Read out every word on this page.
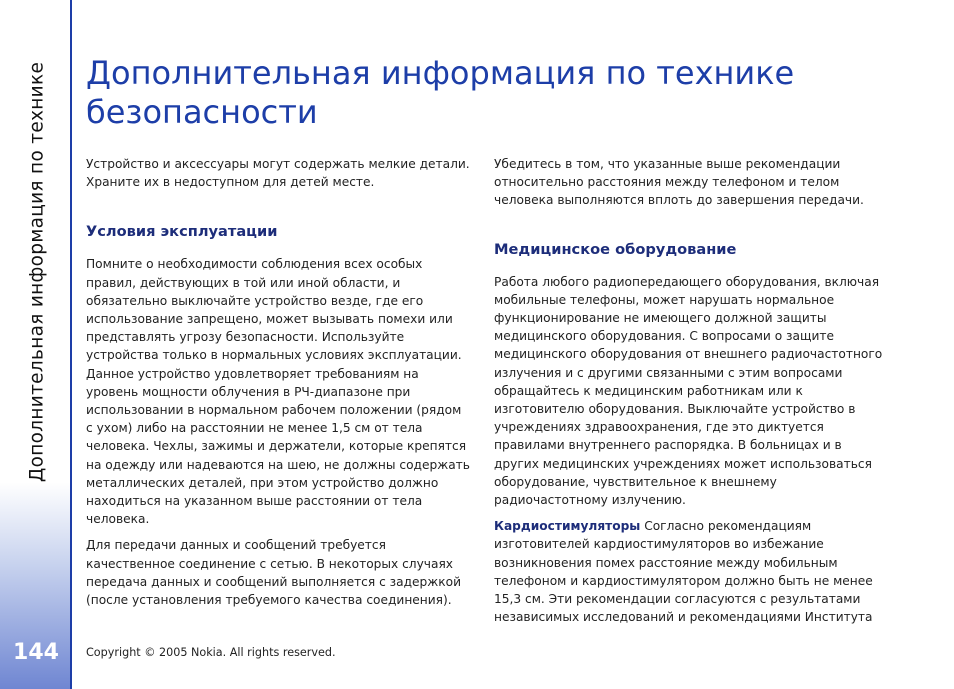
Дополнительная информация по технике
144
Дополнительная информация по технике безопасности

Устройство и аксессуары могут содержать мелкие детали. Храните их в недоступном для детей месте.

Условия эксплуатации

Помните о необходимости соблюдения всех особых правил, действующих в той или иной области, и обязательно выключайте устройство везде, где его использование запрещено, может вызывать помехи или представлять угрозу безопасности. Используйте устройства только в нормальных условиях эксплуатации. Данное устройство удовлетворяет требованиям на уровень мощности облучения в РЧ-диапазоне при использовании в нормальном рабочем положении (рядом с ухом) либо на расстоянии не менее 1,5 см от тела человека. Чехлы, зажимы и держатели, которые крепятся на одежду или надеваются на шею, не должны содержать металлических деталей, при этом устройство должно находиться на указанном выше расстоянии от тела человека.

Для передачи данных и сообщений требуется качественное соединение с сетью. В некоторых случаях передача данных и сообщений выполняется с задержкой (после установления требуемого качества соединения).

Убедитесь в том, что указанные выше рекомендации относительно расстояния между телефоном и телом человека выполняются вплоть до завершения передачи.

Медицинское оборудование

Работа любого радиопередающего оборудования, включая мобильные телефоны, может нарушать нормальное функционирование не имеющего должной защиты медицинского оборудования. С вопросами о защите медицинского оборудования от внешнего радиочастотного излучения и с другими связанными с этим вопросами обращайтесь к медицинским работникам или к изготовителю оборудования. Выключайте устройство в учреждениях здравоохранения, где это диктуется правилами внутреннего распорядка. В больницах и в других медицинских учреждениях может использоваться оборудование, чувствительное к внешнему радиочастотному излучению.

Кардиостимуляторы Согласно рекомендациям изготовителей кардиостимуляторов во избежание возникновения помех расстояние между мобильным телефоном и кардиостимулятором должно быть не менее 15,3 см. Эти рекомендации согласуются с результатами независимых исследований и рекомендациями Института

Copyright © 2005 Nokia. All rights reserved.
